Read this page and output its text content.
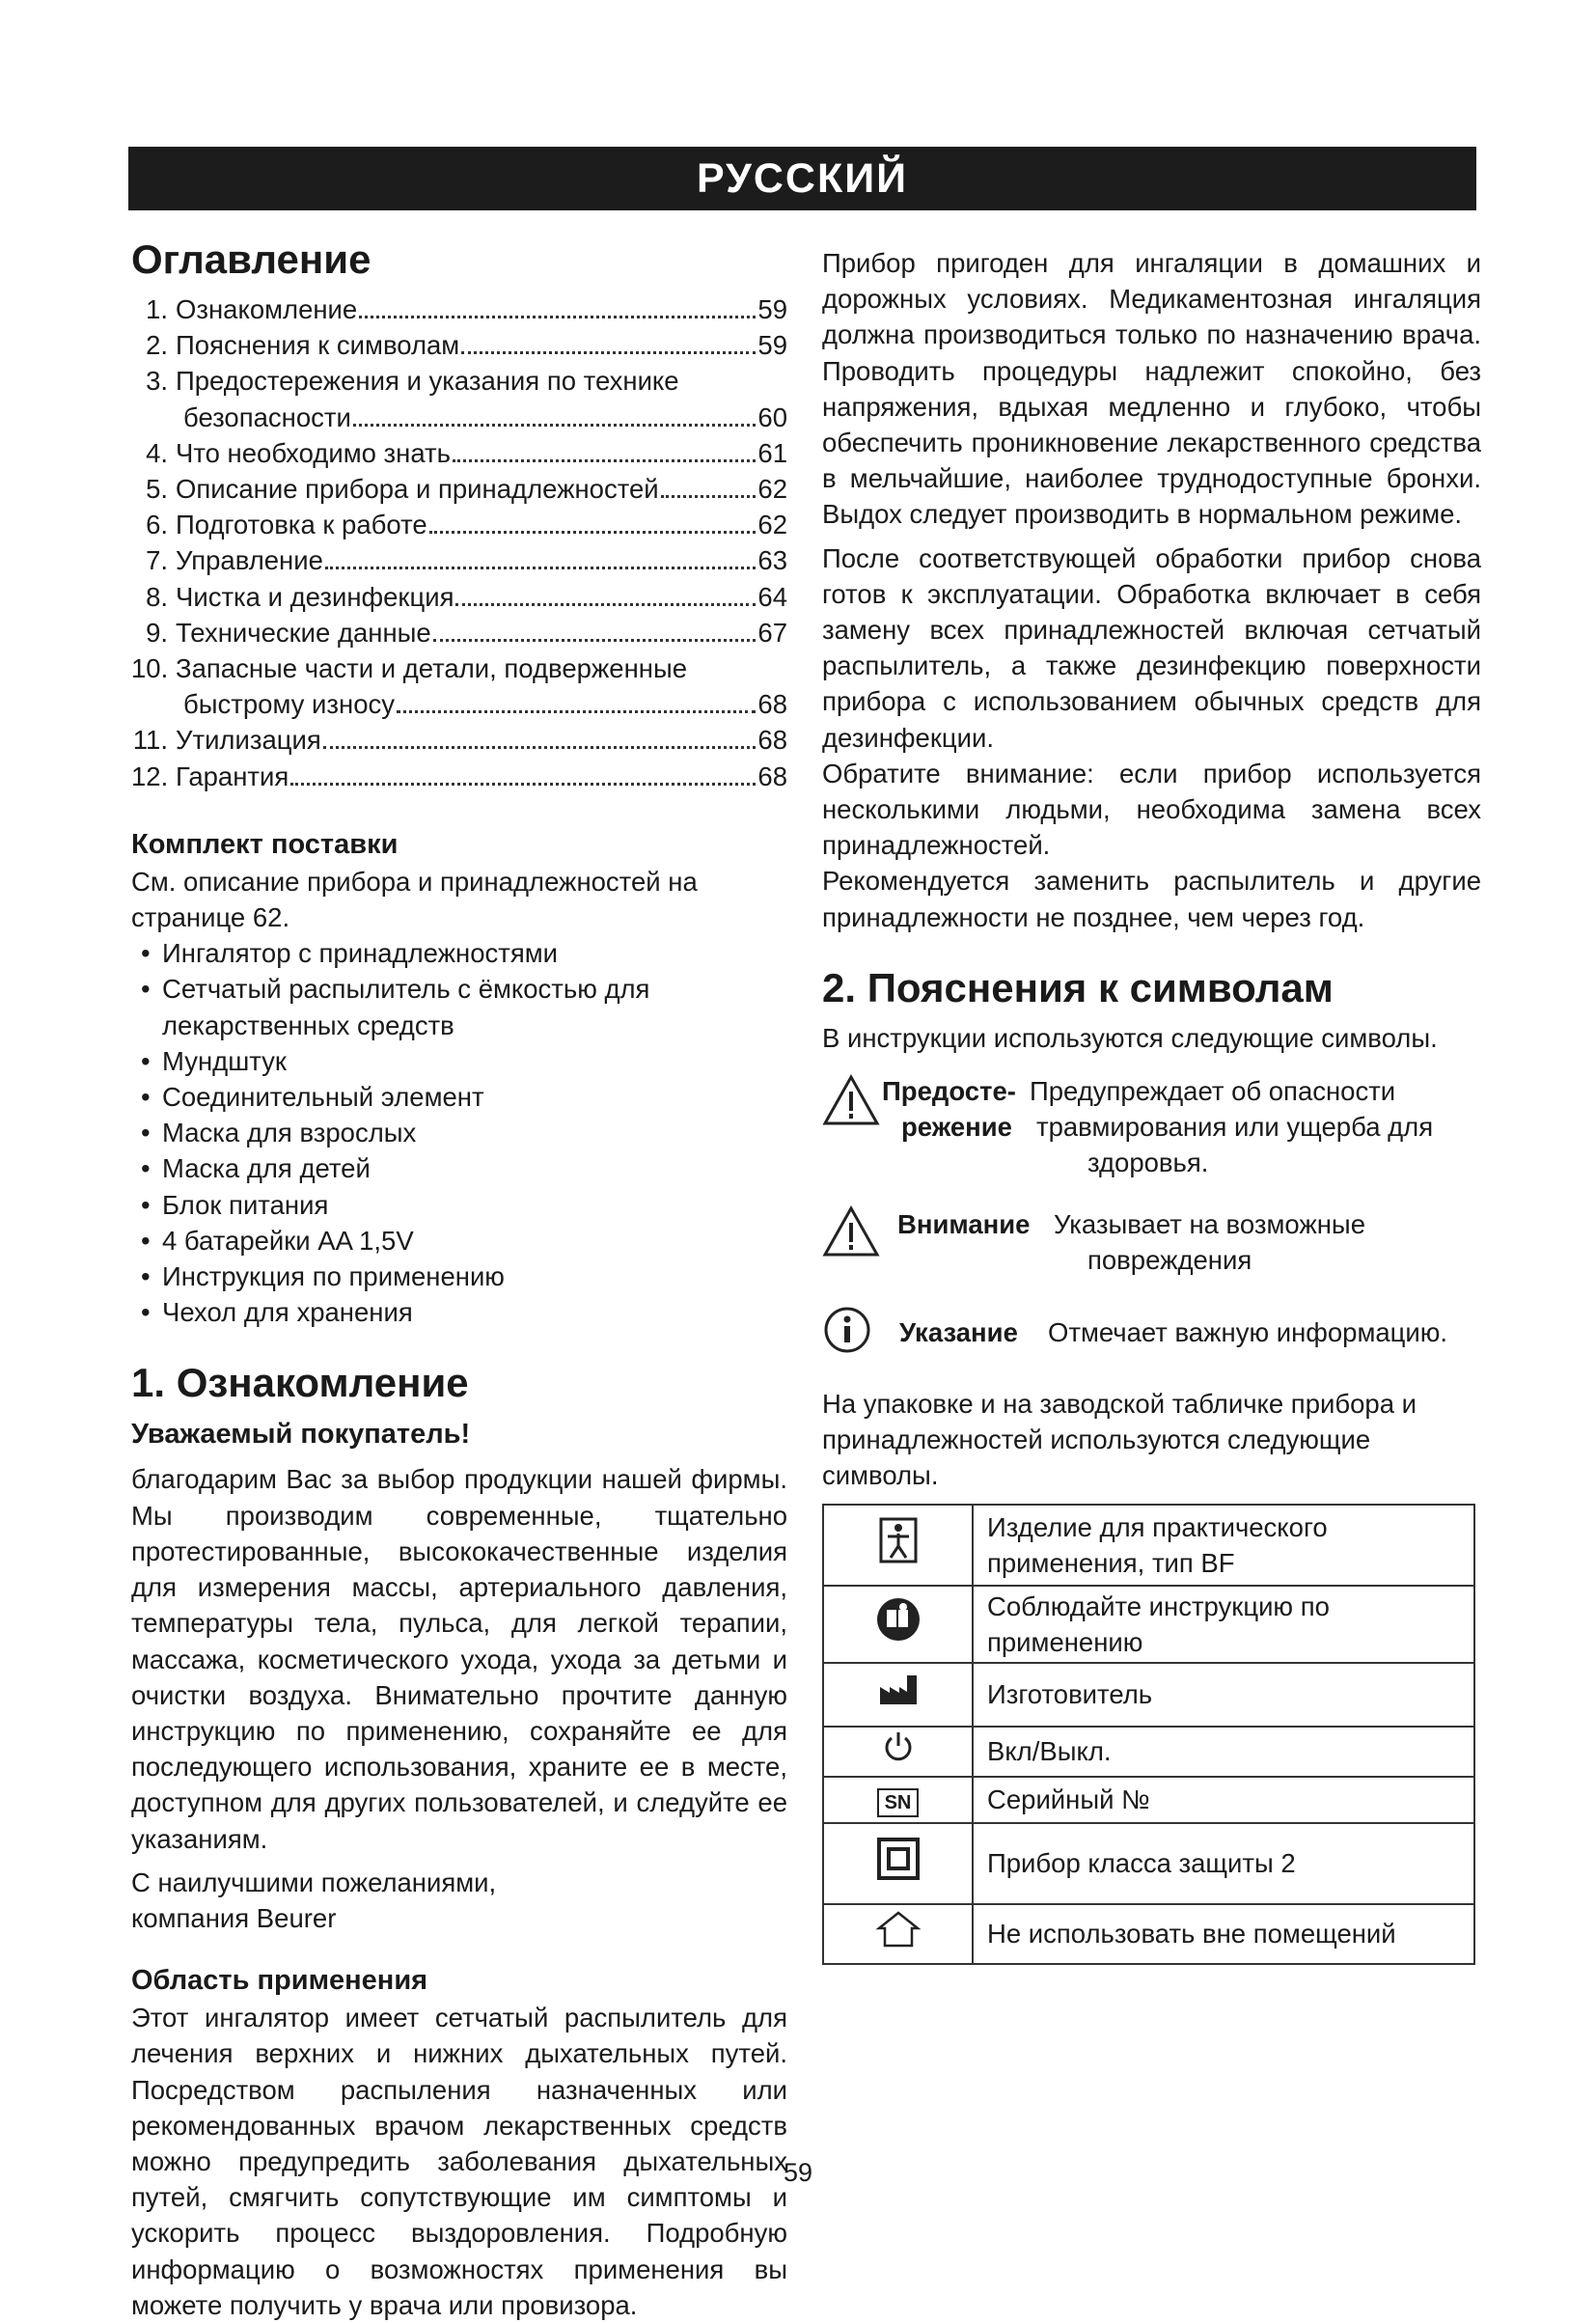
РУССКИЙ
Оглавление
1. Ознакомление	59
2. Пояснения к символам	59
3. Предостережения и указания по технике
безопасности	60
4. Что необходимо знать	61
5. Описание прибора и принадлежностей	62
6. Подготовка к работе	62
7. Управление	63
8. Чистка и дезинфекция	64
9. Технические данные	67
10. Запасные части и детали, подверженные
быстрому износу	68
11. Утилизация	68
12. Гарантия	68
Комплект поставки

См. описание прибора и принадлежностей на странице 62.

• Ингалятор с принадлежностями
• Сетчатый распылитель с ёмкостью для лекарственных средств
• Мундштук
• Соединительный элемент
• Маска для взрослых
• Маска для детей
• Блок питания
• 4 батарейки AA 1,5V
• Инструкция по применению
• Чехол для хранения
1. Ознакомление
Уважаемый покупатель!

благодарим Вас за выбор продукции нашей фирмы. Мы производим современные, тщательно протестированные, высококачественные изделия для измерения массы, артериального давления, температуры тела, пульса, для легкой терапии, массажа, косметического ухода, ухода за детьми и очистки воздуха. Внимательно прочтите данную инструкцию по применению, сохраняйте ее для последующего использования, храните ее в месте, доступном для других пользователей, и следуйте ее указаниям.

С наилучшими пожеланиями,

компания Beurer

Область применения

Этот ингалятор имеет сетчатый распылитель для лечения верхних и нижних дыхательных путей. Посредством распыления назначенных или рекомендованных врачом лекарственных средств можно предупредить заболевания дыхательных путей, смягчить сопутствующие им симптомы и ускорить процесс выздоровления. Подробную информацию о возможностях применения вы можете получить у врача или провизора.

Прибор пригоден для ингаляции в домашних и дорожных условиях. Медикаментозная ингаляция должна производиться только по назначению врача. Проводить процедуры надлежит спокойно, без напряжения, вдыхая медленно и глубоко, чтобы обеспечить проникновение лекарственного средства в мельчайшие, наиболее труднодоступные бронхи. Выдох следует производить в нормальном режиме.

После соответствующей обработки прибор снова готов к эксплуатации. Обработка включает в себя замену всех принадлежностей включая сетчатый распылитель, а также дезинфекцию поверхности прибора с использованием обычных средств для дезинфекции.

Обратите внимание: если прибор используется несколькими людьми, необходима замена всех принадлежностей.

Рекомендуется заменить распылитель и другие принадлежности не позднее, чем через год.

2. Пояснения к символам

В инструкции используются следующие символы.

Предосте-
режение
Предупреждает об опасности
травмирования или ущерба для
здоровья.
Внимание Указывает на возможные
повреждения
Указание Отмечает важную информацию.

На упаковке и на заводской табличке прибора и принадлежностей используются следующие символы.

	Изделие для практического применения, тип BF
	Соблюдайте инструкцию по применению
	Изготовитель
	Вкл/Выкл.
SN	Серийный №
	Прибор класса защиты 2
	Не использовать вне помещений
59
